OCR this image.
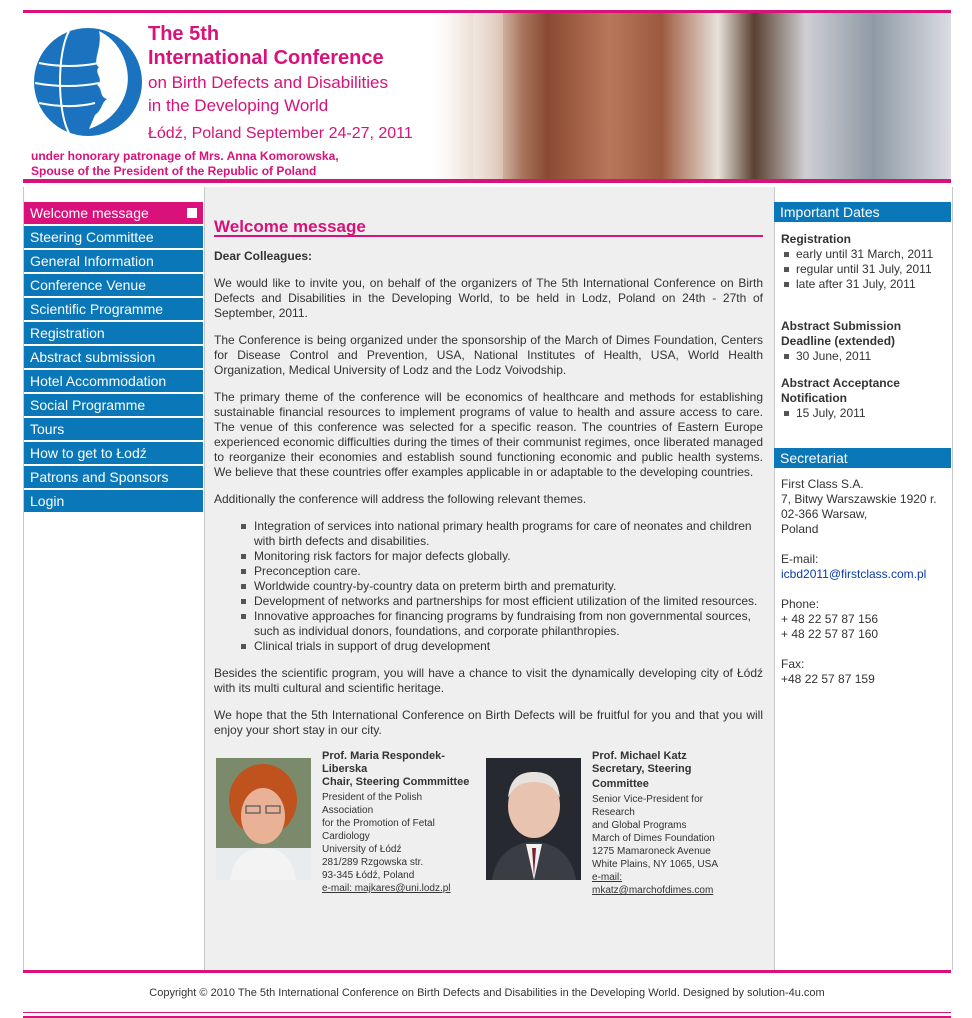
The 5th
International Conference
on Birth Defects and Disabilities
in the Developing World
Łódź, Poland September 24-27, 2011
under honorary patronage of Mrs. Anna Komorowska,
Spouse of the President of the Republic of Poland
Welcome message
Steering Committee
General Information
Conference Venue
Scientific Programme
Registration
Abstract submission
Hotel Accommodation
Social Programme
Tours
How to get to Łodź
Patrons and Sponsors
Login
Welcome message

Dear Colleagues:

We would like to invite you, on behalf of the organizers of The 5th International Conference on Birth Defects and Disabilities in the Developing World, to be held in Lodz, Poland on 24th - 27th of September, 2011.

The Conference is being organized under the sponsorship of the March of Dimes Foundation, Centers for Disease Control and Prevention, USA, National Institutes of Health, USA, World Health Organization, Medical University of Lodz and the Lodz Voivodship.

The primary theme of the conference will be economics of healthcare and methods for establishing sustainable financial resources to implement programs of value to health and assure access to care. The venue of this conference was selected for a specific reason. The countries of Eastern Europe experienced economic difficulties during the times of their communist regimes, once liberated managed to reorganize their economies and establish sound functioning economic and public health systems. We believe that these countries offer examples applicable in or adaptable to the developing countries.

Additionally the conference will address the following relevant themes.

Integration of services into national primary health programs for care of neonates and children with birth defects and disabilities.
Monitoring risk factors for major defects globally.
Preconception care.
Worldwide country-by-country data on preterm birth and prematurity.
Development of networks and partnerships for most efficient utilization of the limited resources.
Innovative approaches for financing programs by fundraising from non governmental sources, such as individual donors, foundations, and corporate philanthropies.
Clinical trials in support of drug development

Besides the scientific program, you will have a chance to visit the dynamically developing city of Łódź with its multi cultural and scientific heritage.

We hope that the 5th International Conference on Birth Defects will be fruitful for you and that you will enjoy your short stay in our city.

Prof. Maria Respondek-
Liberska
Chair, Steering Commmittee
President of the Polish
Association
for the Promotion of Fetal
Cardiology
University of Łódź
281/289 Rzgowska str.
93-345 Łódź, Poland
e-mail: majkares@uni.lodz.pl
Prof. Michael Katz
Secretary, Steering
Committee
Senior Vice-President for
Research
and Global Programs
March of Dimes Foundation
1275 Mamaroneck Avenue
White Plains, NY 1065, USA
e-mail:
mkatz@marchofdimes.com
Important Dates
Registration
early until 31 March, 2011
regular until 31 July, 2011
late after 31 July, 2011
Abstract Submission Deadline (extended)
30 June, 2011
Abstract Acceptance Notification
15 July, 2011
Secretariat
First Class S.A.
7, Bitwy Warszawskie 1920 r.
02-366 Warsaw,
Poland
E-mail:
icbd2011@firstclass.com.pl
Phone:
+ 48 22 57 87 156
+ 48 22 57 87 160
Fax:
+48 22 57 87 159
Copyright © 2010 The 5th International Conference on Birth Defects and Disabilities in the Developing World. Designed by solution-4u.com
